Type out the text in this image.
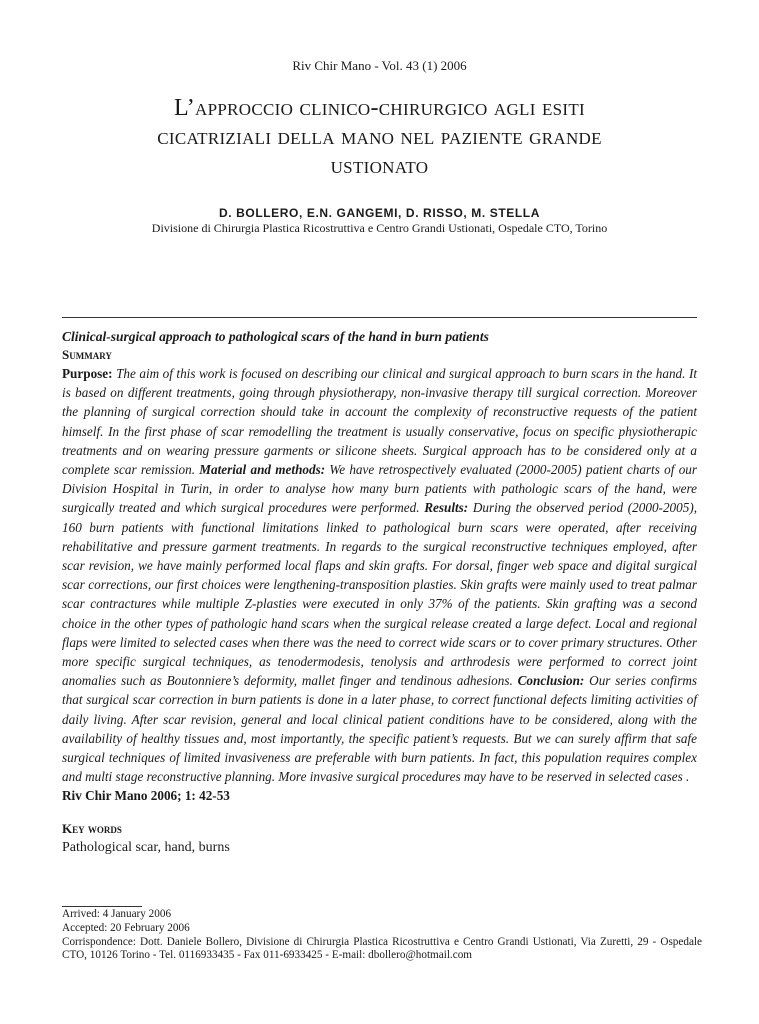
Riv Chir Mano - Vol. 43 (1) 2006
L’approccio clinico-chirurgico agli esiti
cicatriziali della mano nel paziente grande
ustionato
D. BOLLERO, E.N. GANGEMI, D. RISSO, M. STELLA
Divisione di Chirurgia Plastica Ricostruttiva e Centro Grandi Ustionati, Ospedale CTO, Torino
Clinical-surgical approach to pathological scars of the hand in burn patients
Summary
Purpose: The aim of this work is focused on describing our clinical and surgical approach to burn scars in the hand. It is based on different treatments, going through physiotherapy, non-invasive therapy till surgical correction. Moreover the planning of surgical correction should take in account the complexity of reconstructive requests of the patient himself. In the first phase of scar remodelling the treatment is usually conservative, focus on specific physiotherapic treatments and on wearing pressure garments or silicone sheets. Surgical approach has to be considered only at a complete scar remission. Material and methods: We have retrospectively evaluated (2000-2005) patient charts of our Division Hospital in Turin, in order to analyse how many burn patients with pathologic scars of the hand, were surgically treated and which surgical procedures were performed. Results: During the observed period (2000-2005), 160 burn patients with functional limitations linked to pathological burn scars were operated, after receiving rehabilitative and pressure garment treatments. In regards to the surgical reconstructive techniques employed, after scar revision, we have mainly performed local flaps and skin grafts. For dorsal, finger web space and digital surgical scar corrections, our first choices were lengthening-transposition plasties. Skin grafts were mainly used to treat palmar scar contractures while multiple Z-plasties were executed in only 37% of the patients. Skin grafting was a second choice in the other types of pathologic hand scars when the surgical release created a large defect. Local and regional flaps were limited to selected cases when there was the need to correct wide scars or to cover primary structures. Other more specific surgical techniques, as tenodermodesis, tenolysis and arthrodesis were performed to correct joint anomalies such as Boutonniere’s deformity, mallet finger and tendinous adhesions. Conclusion: Our series confirms that surgical scar correction in burn patients is done in a later phase, to correct functional defects limiting activities of daily living. After scar revision, general and local clinical patient conditions have to be considered, along with the availability of healthy tissues and, most importantly, the specific patient’s requests. But we can surely affirm that safe surgical techniques of limited invasiveness are preferable with burn patients. In fact, this population requires complex and multi stage reconstructive planning. More invasive surgical procedures may have to be reserved in selected cases .
Riv Chir Mano 2006; 1: 42-53
Key words
Pathological scar, hand, burns
Arrived: 4 January 2006
Accepted: 20 February 2006
Corrispondence: Dott. Daniele Bollero, Divisione di Chirurgia Plastica Ricostruttiva e Centro Grandi Ustionati, Via Zuretti, 29 - Ospedale CTO, 10126 Torino - Tel. 0116933435 - Fax 011-6933425 - E-mail: dbollero@hotmail.com
